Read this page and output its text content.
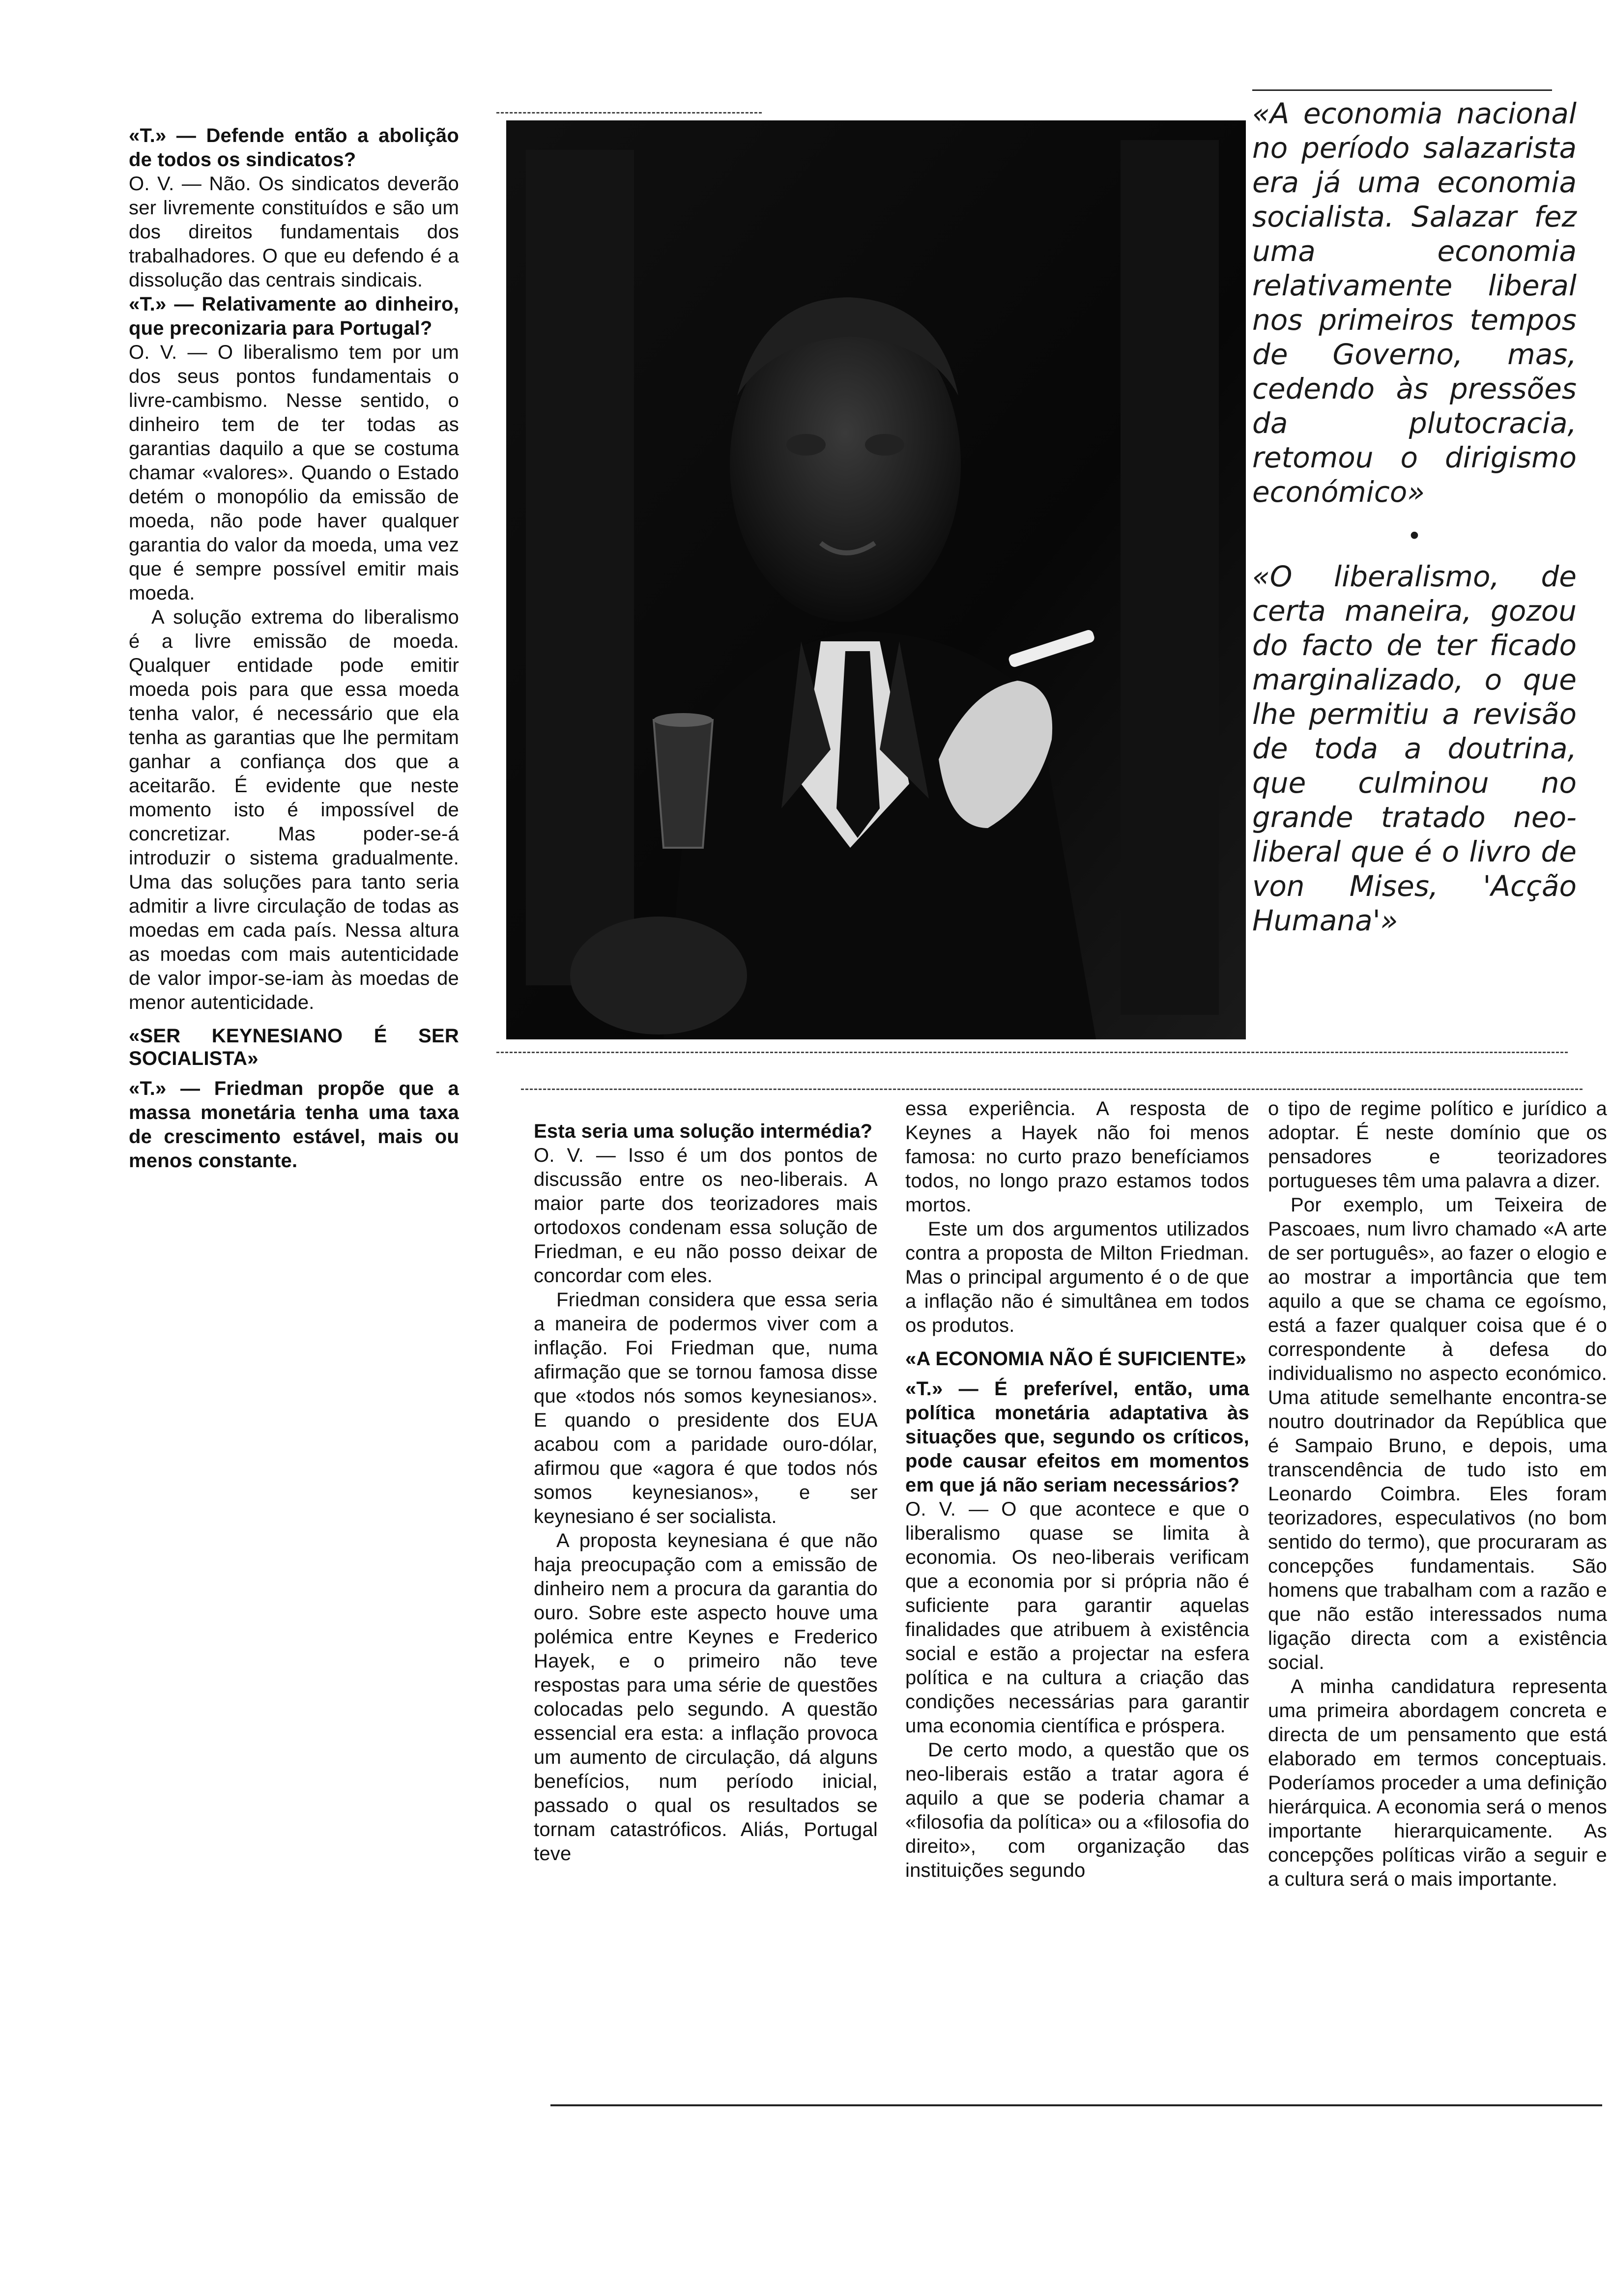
«T.» — Defende então a abolição de todos os sindicatos?

O. V. — Não. Os sindicatos deverão ser livremente constituídos e são um dos direitos fundamentais dos trabalhadores. O que eu defendo é a dissolução das centrais sindicais.

«T.» — Relativamente ao dinheiro, que preconizaria para Portugal?

O. V. — O liberalismo tem por um dos seus pontos fundamentais o livre-cambismo. Nesse sentido, o dinheiro tem de ter todas as garantias daquilo a que se costuma chamar «valores». Quando o Estado detém o monopólio da emissão de moeda, não pode haver qualquer garantia do valor da moeda, uma vez que é sempre possível emitir mais moeda.

A solução extrema do liberalismo é a livre emissão de moeda. Qualquer entidade pode emitir moeda pois para que essa moeda tenha valor, é necessário que ela tenha as garantias que lhe permitam ganhar a confiança dos que a aceitarão. É evidente que neste momento isto é impossível de concretizar. Mas poder-se-á introduzir o sistema gradualmente. Uma das soluções para tanto seria admitir a livre circulação de todas as moedas em cada país. Nessa altura as moedas com mais autenticidade de valor impor-se-iam às moedas de menor autenticidade.

«SER KEYNESIANO É SER SOCIALISTA»

«T.» — Friedman propõe que a massa monetária tenha uma taxa de crescimento estável, mais ou menos constante.

«A economia nacional no período salazarista era já uma economia socialista. Salazar fez uma economia relativamente liberal nos primeiros tempos de Governo, mas, cedendo às pressões da plutocracia, retomou o dirigismo económico»

•

«O liberalismo, de certa maneira, gozou do facto de ter ficado marginalizado, o que lhe permitiu a revisão de toda a doutrina, que culminou no grande tratado neo-liberal que é o livro de von Mises, 'Acção Humana'»

Esta seria uma solução intermédia?

O. V. — Isso é um dos pontos de discussão entre os neo-liberais. A maior parte dos teorizadores mais ortodoxos condenam essa solução de Friedman, e eu não posso deixar de concordar com eles.

Friedman considera que essa seria a maneira de podermos viver com a inflação. Foi Friedman que, numa afirmação que se tornou famosa disse que «todos nós somos keynesianos». E quando o presidente dos EUA acabou com a paridade ouro-dólar, afirmou que «agora é que todos nós somos keynesianos», e ser keynesiano é ser socialista.

A proposta keynesiana é que não haja preocupação com a emissão de dinheiro nem a procura da garantia do ouro. Sobre este aspecto houve uma polémica entre Keynes e Frederico Hayek, e o primeiro não teve respostas para uma série de questões colocadas pelo segundo. A questão essencial era esta: a inflação provoca um aumento de circulação, dá alguns benefícios, num período inicial, passado o qual os resultados se tornam catastróficos. Aliás, Portugal teve

essa experiência. A resposta de Keynes a Hayek não foi menos famosa: no curto prazo benefíciamos todos, no longo prazo estamos todos mortos.

Este um dos argumentos utilizados contra a proposta de Milton Friedman. Mas o principal argumento é o de que a inflação não é simultânea em todos os produtos.

«A ECONOMIA NÃO É SUFICIENTE»

«T.» — É preferível, então, uma política monetária adaptativa às situações que, segundo os críticos, pode causar efeitos em momentos em que já não seriam necessários?

O. V. — O que acontece e que o liberalismo quase se limita à economia. Os neo-liberais verificam que a economia por si própria não é suficiente para garantir aquelas finalidades que atribuem à existência social e estão a projectar na esfera política e na cultura a criação das condições necessárias para garantir uma economia científica e próspera.

De certo modo, a questão que os neo-liberais estão a tratar agora é aquilo a que se poderia chamar a «filosofia da política» ou a «filosofia do direito», com organização das instituições segundo

o tipo de regime político e jurídico a adoptar. É neste domínio que os pensadores e teorizadores portugueses têm uma palavra a dizer.

Por exemplo, um Teixeira de Pascoaes, num livro chamado «A arte de ser português», ao fazer o elogio e ao mostrar a importância que tem aquilo a que se chama ce egoísmo, está a fazer qualquer coisa que é o correspondente à defesa do individualismo no aspecto económico. Uma atitude semelhante encontra-se noutro doutrinador da República que é Sampaio Bruno, e depois, uma transcendência de tudo isto em Leonardo Coimbra. Eles foram teorizadores, especulativos (no bom sentido do termo), que procuraram as concepções fundamentais. São homens que trabalham com a razão e que não estão interessados numa ligação directa com a existência social.

A minha candidatura representa uma primeira abordagem concreta e directa de um pensamento que está elaborado em termos conceptuais. Poderíamos proceder a uma definição hierárquica. A economia será o menos importante hierarquicamente. As concepções políticas virão a seguir e a cultura será o mais importante.
